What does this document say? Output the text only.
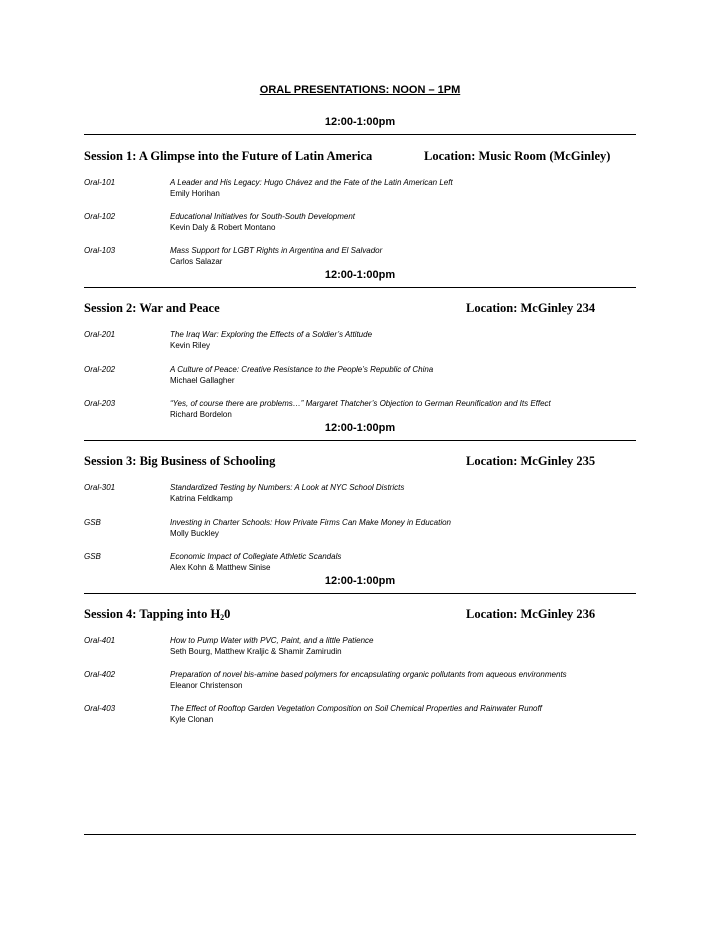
ORAL PRESENTATIONS: NOON – 1PM
12:00-1:00pm
Session 1: A Glimpse into the Future of Latin America	Location: Music Room (McGinley)
Oral-101	A Leader and His Legacy: Hugo Chávez and the Fate of the Latin American Left
Emily Horihan
Oral-102	Educational Initiatives for South-South Development
Kevin Daly & Robert Montano
Oral-103	Mass Support for LGBT Rights in Argentina and El Salvador
Carlos Salazar
12:00-1:00pm
Session 2: War and Peace	Location: McGinley 234
Oral-201	The Iraq War: Exploring the Effects of a Soldier’s Attitude
Kevin Riley
Oral-202	A Culture of Peace: Creative Resistance to the People’s Republic of China
Michael Gallagher
Oral-203	“Yes, of course there are problems…” Margaret Thatcher’s Objection to German Reunification and Its Effect
Richard Bordelon
12:00-1:00pm
Session 3: Big Business of Schooling	Location: McGinley 235
Oral-301	Standardized Testing by Numbers: A Look at NYC School Districts
Katrina Feldkamp
GSB	Investing in Charter Schools: How Private Firms Can Make Money in Education
Molly Buckley
GSB	Economic Impact of Collegiate Athletic Scandals
Alex Kohn & Matthew Sinise
12:00-1:00pm
Session 4: Tapping into $H_20$	Location: McGinley 236
Oral-401	How to Pump Water with PVC, Paint, and a little Patience
Seth Bourg, Matthew Kraljic & Shamir Zamirudin
Oral-402	Preparation of novel bis-amine based polymers for encapsulating organic pollutants from aqueous environments
Eleanor Christenson
Oral-403	The Effect of Rooftop Garden Vegetation Composition on Soil Chemical Properties and Rainwater Runoff
Kyle Clonan
